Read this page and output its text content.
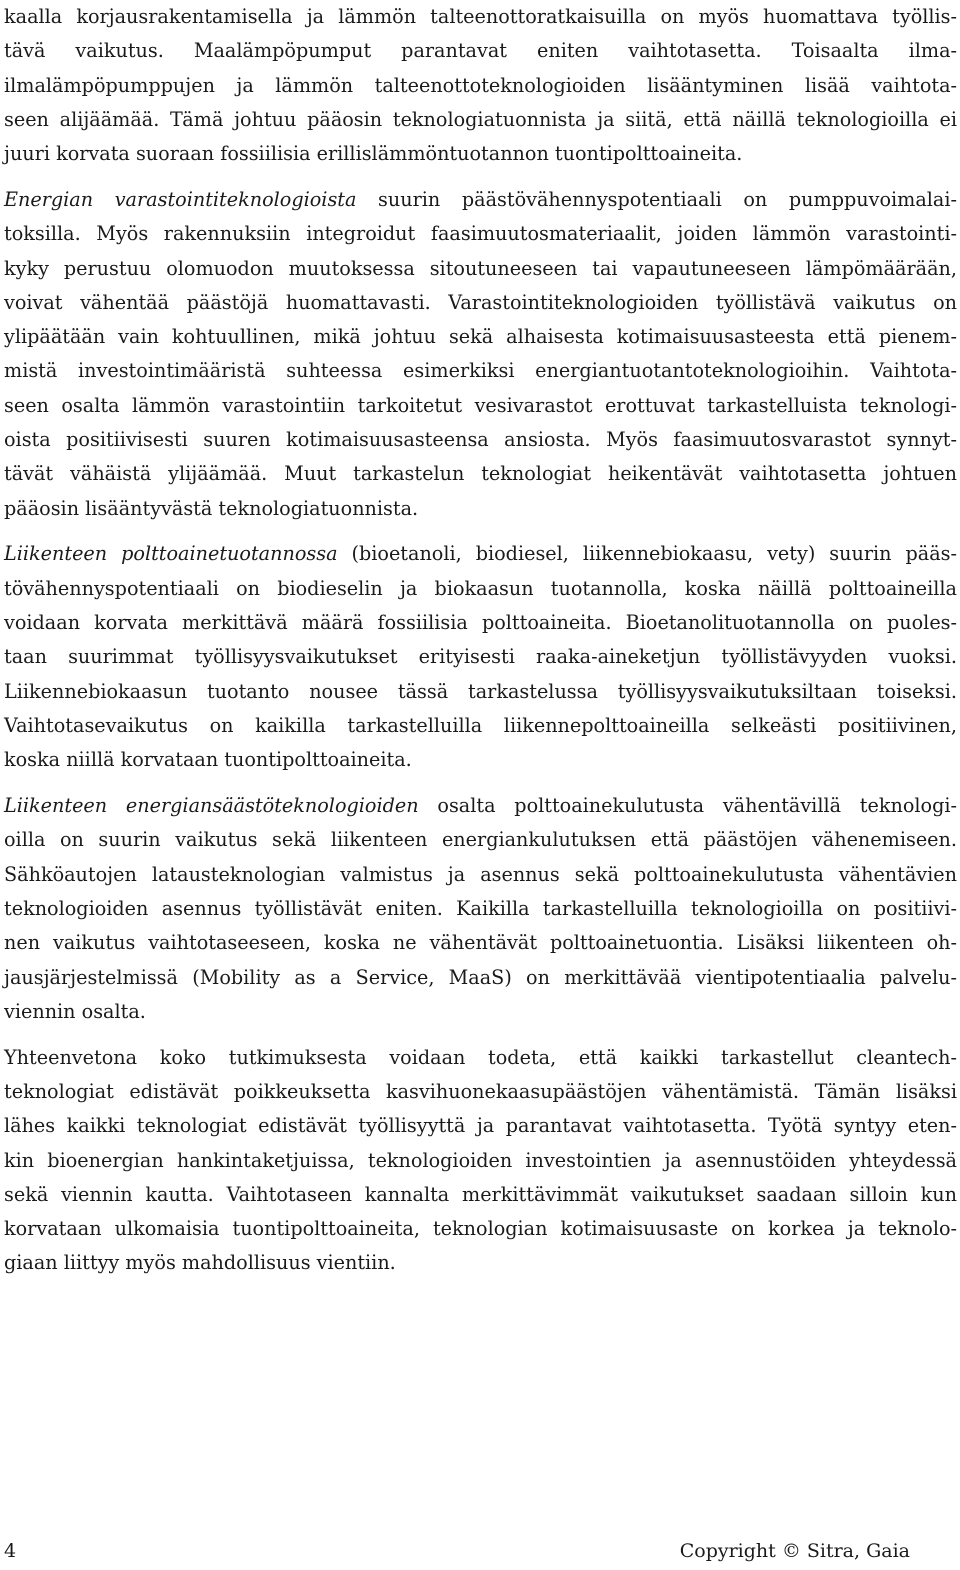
kaalla korjausrakentamisella ja lämmön talteenottoratkaisuilla on myös huomattava työllis-
tävä vaikutus. Maalämpöpumput parantavat eniten vaihtotasetta. Toisaalta ilma-
ilmalämpöpumppujen ja lämmön talteenottoteknologioiden lisääntyminen lisää vaihtota-
seen alijäämää. Tämä johtuu pääosin teknologiatuonnista ja siitä, että näillä teknologioilla ei
juuri korvata suoraan fossiilisia erillislämmöntuotannon tuontipolttoaineita.
Energian varastointiteknologioista suurin päästövähennyspotentiaali on pumppuvoimalai-
toksilla. Myös rakennuksiin integroidut faasimuutosmateriaalit, joiden lämmön varastointi-
kyky perustuu olomuodon muutoksessa sitoutuneeseen tai vapautuneeseen lämpömäärään,
voivat vähentää päästöjä huomattavasti. Varastointiteknologioiden työllistävä vaikutus on
ylipäätään vain kohtuullinen, mikä johtuu sekä alhaisesta kotimaisuusasteesta että pienem-
mistä investointimääristä suhteessa esimerkiksi energiantuotantoteknologioihin. Vaihtota-
seen osalta lämmön varastointiin tarkoitetut vesivarastot erottuvat tarkastelluista teknologi-
oista positiivisesti suuren kotimaisuusasteensa ansiosta. Myös faasimuutosvarastot synnyt-
tävät vähäistä ylijäämää. Muut tarkastelun teknologiat heikentävät vaihtotasetta johtuen
pääosin lisääntyvästä teknologiatuonnista.
Liikenteen polttoainetuotannossa (bioetanoli, biodiesel, liikennebiokaasu, vety) suurin pääs-
tövähennyspotentiaali on biodieselin ja biokaasun tuotannolla, koska näillä polttoaineilla
voidaan korvata merkittävä määrä fossiilisia polttoaineita. Bioetanolituotannolla on puoles-
taan suurimmat työllisyysvaikutukset erityisesti raaka-aineketjun työllistävyyden vuoksi.
Liikennebiokaasun tuotanto nousee tässä tarkastelussa työllisyysvaikutuksiltaan toiseksi.
Vaihtotasevaikutus on kaikilla tarkastelluilla liikennepolttoaineilla selkeästi positiivinen,
koska niillä korvataan tuontipolttoaineita.
Liikenteen energiansäästöteknologioiden osalta polttoainekulutusta vähentävillä teknologi-
oilla on suurin vaikutus sekä liikenteen energiankulutuksen että päästöjen vähenemiseen.
Sähköautojen latausteknologian valmistus ja asennus sekä polttoainekulutusta vähentävien
teknologioiden asennus työllistävät eniten. Kaikilla tarkastelluilla teknologioilla on positiivi-
nen vaikutus vaihtotaseeseen, koska ne vähentävät polttoainetuontia. Lisäksi liikenteen oh-
jausjärjestelmissä (Mobility as a Service, MaaS) on merkittävää vientipotentiaalia palvelu-
viennin osalta.
Yhteenvetona koko tutkimuksesta voidaan todeta, että kaikki tarkastellut cleantech-
teknologiat edistävät poikkeuksetta kasvihuonekaasupäästöjen vähentämistä. Tämän lisäksi
lähes kaikki teknologiat edistävät työllisyyttä ja parantavat vaihtotasetta. Työtä syntyy eten-
kin bioenergian hankintaketjuissa, teknologioiden investointien ja asennustöiden yhteydessä
sekä viennin kautta. Vaihtotaseen kannalta merkittävimmät vaikutukset saadaan silloin kun
korvataan ulkomaisia tuontipolttoaineita, teknologian kotimaisuusaste on korkea ja teknolo-
giaan liittyy myös mahdollisuus vientiin.
4	Copyright © Sitra, Gaia
